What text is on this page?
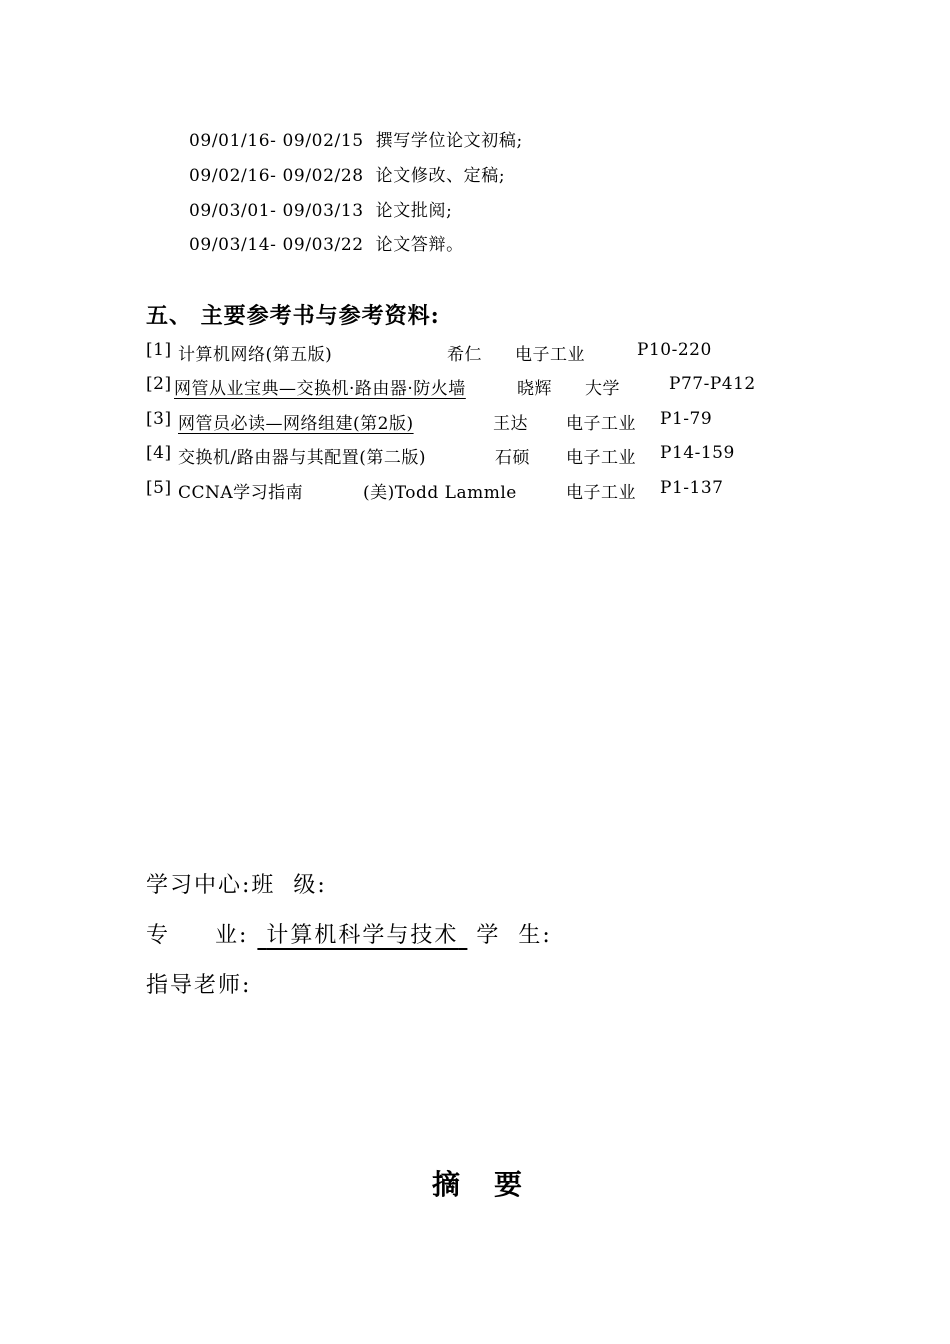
09/01/16- 09/02/15 撰写学位论文初稿;
09/02/16- 09/02/28 论文修改、定稿;
09/03/01- 09/03/13 论文批阅;
09/03/14- 09/03/22 论文答辩。
五、 主要参考书与参考资料:
[1] 计算机网络(第五版)	希仁 电子工业	P10-220
[2] 网管从业宝典—交换机·路由器·防火墙	晓辉 大学	P77-P412
[3] 网管员必读—网络组建(第2版)	王达 电子工业 P1-79
[4] 交换机/路由器与其配置(第二版)	石硕 电子工业 P14-159
[5] CCNA学习指南	(美)Todd Lammle	电子工业 P1-137
学习中心:班  级:
专     业: 计算机科学与技术 学  生:
指导老师:
摘要
